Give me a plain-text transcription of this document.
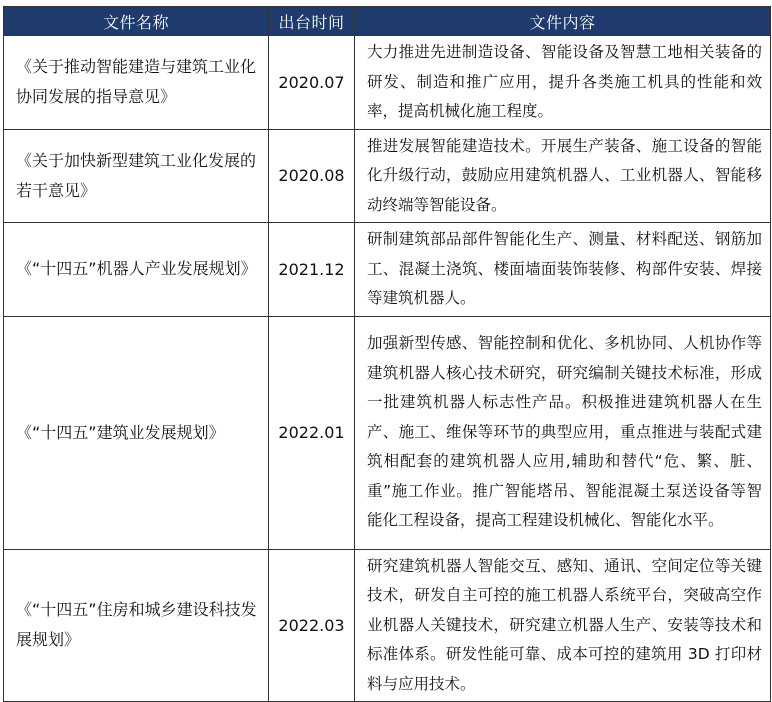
文件名称	出台时间	文件内容
《关于推动智能建造与建筑工业化协同发展的指导意见》	2020.07	大力推进先进制造设备、智能设备及智慧工地相关装备的研发、制造和推广应用，提升各类施工机具的性能和效率，提高机械化施工程度。
《关于加快新型建筑工业化发展的若干意见》	2020.08	推进发展智能建造技术。开展生产装备、施工设备的智能化升级行动，鼓励应用建筑机器人、工业机器人、智能移动终端等智能设备。
《“十四五”机器人产业发展规划》	2021.12	研制建筑部品部件智能化生产、测量、材料配送、钢筋加工、混凝土浇筑、楼面墙面装饰装修、构部件安装、焊接等建筑机器人。
《“十四五”建筑业发展规划》	2022.01	加强新型传感、智能控制和优化、多机协同、人机协作等建筑机器人核心技术研究，研究编制关键技术标准，形成一批建筑机器人标志性产品。积极推进建筑机器人在生产、施工、维保等环节的典型应用，重点推进与装配式建筑相配套的建筑机器人应用,辅助和替代“危、繁、脏、重”施工作业。推广智能塔吊、智能混凝土泵送设备等智能化工程设备，提高工程建设机械化、智能化水平。
《“十四五”住房和城乡建设科技发展规划》	2022.03	研究建筑机器人智能交互、感知、通讯、空间定位等关键技术，研发自主可控的施工机器人系统平台，突破高空作业机器人关键技术，研究建立机器人生产、安装等技术和标准体系。研发性能可靠、成本可控的建筑用 3D 打印材料与应用技术。
